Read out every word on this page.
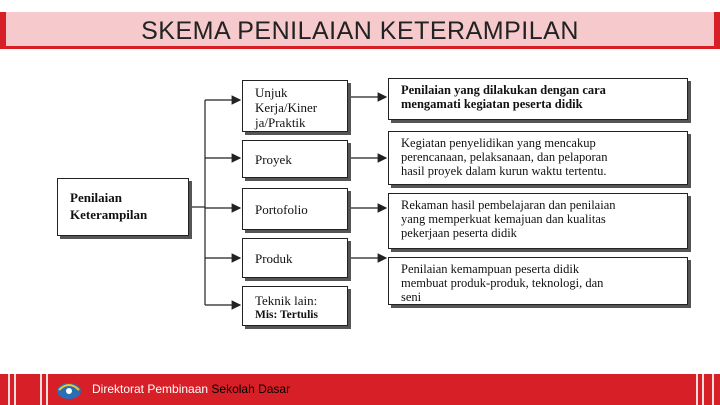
SKEMA PENILAIAN KETERAMPILAN
Penilaian
Keterampilan
Unjuk
Kerja/Kiner
ja/Praktik
Proyek
Portofolio
Produk
Teknik lain:
Mis: Tertulis
Penilaian yang dilakukan dengan cara
mengamati kegiatan peserta didik
Kegiatan penyelidikan yang mencakup
perencanaan, pelaksanaan, dan pelaporan
hasil proyek dalam kurun waktu tertentu.
Rekaman hasil pembelajaran dan penilaian
yang memperkuat kemajuan dan kualitas
pekerjaan peserta didik
Penilaian kemampuan peserta didik
membuat produk-produk, teknologi, dan
seni
Direktorat Pembinaan Sekolah Dasar
